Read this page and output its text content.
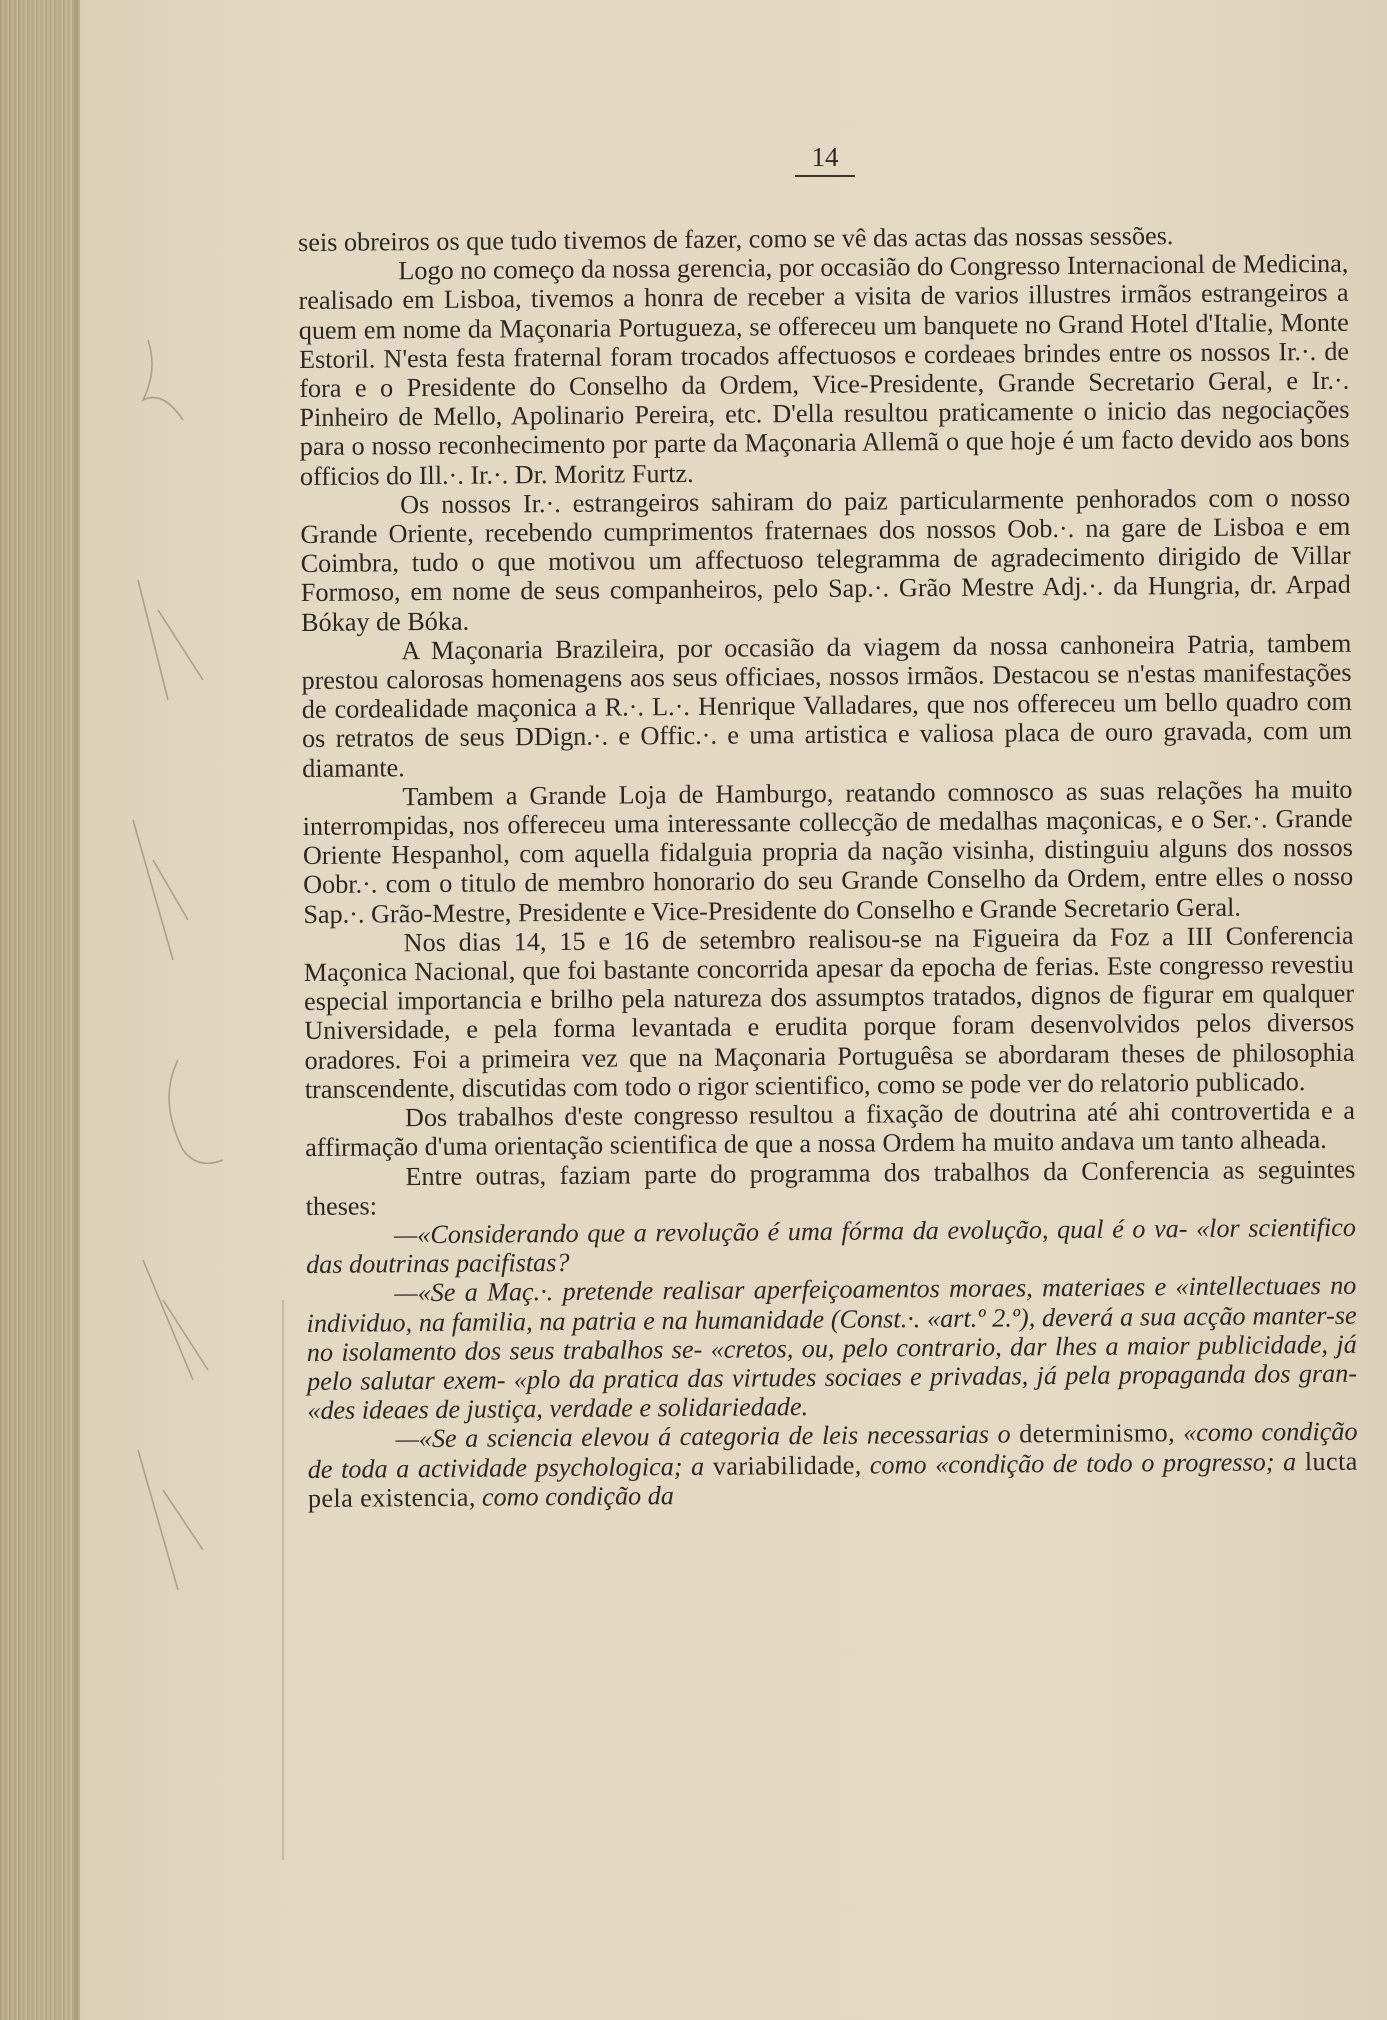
14

seis obreiros os que tudo tivemos de fazer, como se vê das actas das nossas sessões.

Logo no começo da nossa gerencia, por occasião do Congresso Internacional de Medicina, realisado em Lisboa, tivemos a honra de receber a visita de varios illustres irmãos estrangeiros a quem em nome da Maçonaria Portugueza, se offereceu um banquete no Grand Hotel d'Italie, Monte Estoril. N'esta festa fraternal foram trocados affectuosos e cordeaes brindes entre os nossos Ir.·. de fora e o Presidente do Conselho da Ordem, Vice-Presidente, Grande Secretario Geral, e Ir.·. Pinheiro de Mello, Apolinario Pereira, etc. D'ella resultou praticamente o inicio das negociações para o nosso reconhecimento por parte da Maçonaria Allemã o que hoje é um facto devido aos bons officios do Ill.·. Ir.·. Dr. Moritz Furtz.

Os nossos Ir.·. estrangeiros sahiram do paiz particularmente penhorados com o nosso Grande Oriente, recebendo cumprimentos fraternaes dos nossos Oob.·. na gare de Lisboa e em Coimbra, tudo o que motivou um affectuoso telegramma de agradecimento dirigido de Villar Formoso, em nome de seus companheiros, pelo Sap.·. Grão Mestre Adj.·. da Hungria, dr. Arpad Bókay de Bóka.

A Maçonaria Brazileira, por occasião da viagem da nossa canhoneira Patria, tambem prestou calorosas homenagens aos seus officiaes, nossos irmãos. Destacou se n'estas manifestações de cordealidade maçonica a R.·. L.·. Henrique Valladares, que nos offereceu um bello quadro com os retratos de seus DDign.·. e Offic.·. e uma artistica e valiosa placa de ouro gravada, com um diamante.

Tambem a Grande Loja de Hamburgo, reatando comnosco as suas relações ha muito interrompidas, nos offereceu uma interessante collecção de medalhas maçonicas, e o Ser.·. Grande Oriente Hespanhol, com aquella fidalguia propria da nação visinha, distinguiu alguns dos nossos Oobr.·. com o titulo de membro honorario do seu Grande Conselho da Ordem, entre elles o nosso Sap.·. Grão-Mestre, Presidente e Vice-Presidente do Conselho e Grande Secretario Geral.

Nos dias 14, 15 e 16 de setembro realisou-se na Figueira da Foz a III Conferencia Maçonica Nacional, que foi bastante concorrida apesar da epocha de ferias. Este congresso revestiu especial importancia e brilho pela natureza dos assumptos tratados, dignos de figurar em qualquer Universidade, e pela forma levantada e erudita porque foram desenvolvidos pelos diversos oradores. Foi a primeira vez que na Maçonaria Portuguêsa se abordaram theses de philosophia transcendente, discutidas com todo o rigor scientifico, como se pode ver do relatorio publicado.

Dos trabalhos d'este congresso resultou a fixação de doutrina até ahi controvertida e a affirmação d'uma orientação scientifica de que a nossa Ordem ha muito andava um tanto alheada.

Entre outras, faziam parte do programma dos trabalhos da Conferencia as seguintes theses:

—«Considerando que a revolução é uma fórma da evolução, qual é o va- «lor scientifico das doutrinas pacifistas?

—«Se a Maç.·. pretende realisar aperfeiçoamentos moraes, materiaes e «intellectuaes no individuo, na familia, na patria e na humanidade (Const.·. «art.º 2.º), deverá a sua acção manter-se no isolamento dos seus trabalhos se- «cretos, ou, pelo contrario, dar lhes a maior publicidade, já pelo salutar exem- «plo da pratica das virtudes sociaes e privadas, já pela propaganda dos gran- «des ideaes de justiça, verdade e solidariedade.

—«Se a sciencia elevou á categoria de leis necessarias o determinismo, «como condição de toda a actividade psychologica; a variabilidade, como «condição de todo o progresso; a lucta pela existencia, como condição da
